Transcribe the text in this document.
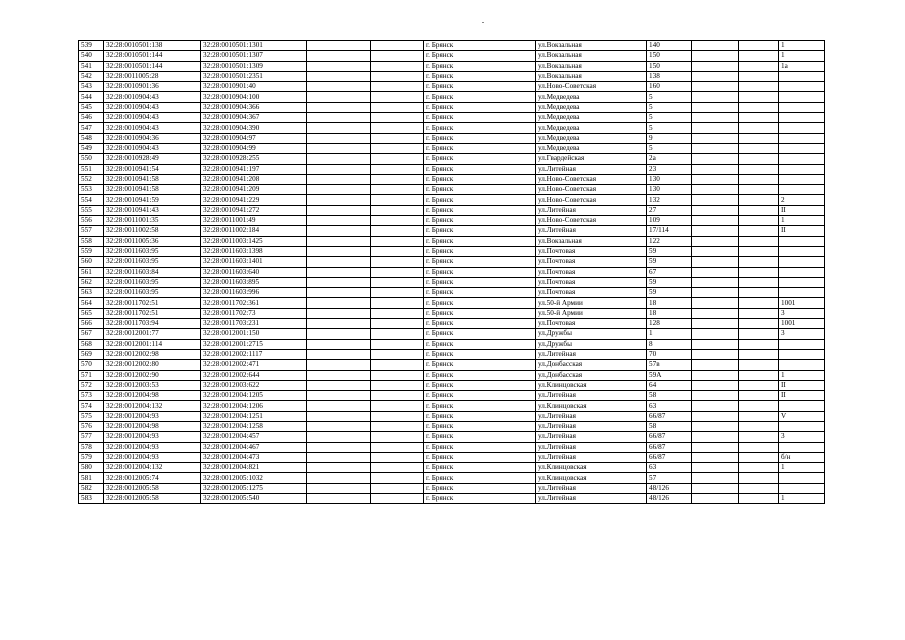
539	32:28:0010501:138	32:28:0010501:1301			г. Брянск	ул.Вокзальная	140			1
540	32:28:0010501:144	32:28:0010501:1307			г. Брянск	ул.Вокзальная	150			1
541	32:28:0010501:144	32:28:0010501:1309			г. Брянск	ул.Вокзальная	150			1а
542	32:28:0011005:28	32:28:0010501:2351			г. Брянск	ул.Вокзальная	138			
543	32:28:0010901:36	32:28:0010901:40			г. Брянск	ул.Ново-Советская	160			
544	32:28:0010904:43	32:28:0010904:100			г. Брянск	ул.Медведева	5			
545	32:28:0010904:43	32:28:0010904:366			г. Брянск	ул.Медведева	5			
546	32:28:0010904:43	32:28:0010904:367			г. Брянск	ул.Медведева	5			
547	32:28:0010904:43	32:28:0010904:390			г. Брянск	ул.Медведева	5			
548	32:28:0010904:36	32:28:0010904:97			г. Брянск	ул.Медведева	9			
549	32:28:0010904:43	32:28:0010904:99			г. Брянск	ул.Медведева	5			
550	32:28:0010928:49	32:28:0010928:255			г. Брянск	ул.Гвардейская	2а			
551	32:28:0010941:54	32:28:0010941:197			г. Брянск	ул.Литейная	23			
552	32:28:0010941:58	32:28:0010941:208			г. Брянск	ул.Ново-Советская	130			
553	32:28:0010941:58	32:28:0010941:209			г. Брянск	ул.Ново-Советская	130			
554	32:28:0010941:59	32:28:0010941:229			г. Брянск	ул.Ново-Советская	132			2
555	32:28:0010941:43	32:28:0010941:272			г. Брянск	ул.Литейная	27			II
556	32:28:0011001:35	32:28:0011001:49			г. Брянск	ул.Ново-Советская	109			1
557	32:28:0011002:58	32:28:0011002:184			г. Брянск	ул.Литейная	17/114			II
558	32:28:0011005:36	32:28:0011003:1425			г. Брянск	ул.Вокзальная	122			
559	32:28:0011603:95	32:28:0011603:1398			г. Брянск	ул.Почтовая	59			
560	32:28:0011603:95	32:28:0011603:1401			г. Брянск	ул.Почтовая	59			
561	32:28:0011603:84	32:28:0011603:640			г. Брянск	ул.Почтовая	67			
562	32:28:0011603:95	32:28:0011603:895			г. Брянск	ул.Почтовая	59			
563	32:28:0011603:95	32:28:0011603:996			г. Брянск	ул.Почтовая	59			
564	32:28:0011702:51	32:28:0011702:361			г. Брянск	ул.50-й Армии	18			1001
565	32:28:0011702:51	32:28:0011702:73			г. Брянск	ул.50-й Армии	18			3
566	32:28:0011703:94	32:28:0011703:231			г. Брянск	ул.Почтовая	128			1001
567	32:28:0012001:77	32:28:0012001:150			г. Брянск	ул.Дружбы	1			3
568	32:28:0012001:114	32:28:0012001:2715			г. Брянск	ул.Дружбы	8			
569	32:28:0012002:98	32:28:0012002:1117			г. Брянск	ул.Литейная	70			
570	32:28:0012002:80	32:28:0012002:471			г. Брянск	ул.Донбасская	57в			
571	32:28:0012002:90	32:28:0012002:644			г. Брянск	ул.Донбасская	59А			1
572	32:28:0012003:53	32:28:0012003:622			г. Брянск	ул.Клинцовская	64			II
573	32:28:0012004:98	32:28:0012004:1205			г. Брянск	ул.Литейная	58			II
574	32:28:0012004:132	32:28:0012004:1206			г. Брянск	ул.Клинцовская	63			
575	32:28:0012004:93	32:28:0012004:1251			г. Брянск	ул.Литейная	66/87			V
576	32:28:0012004:98	32:28:0012004:1258			г. Брянск	ул.Литейная	58			
577	32:28:0012004:93	32:28:0012004:457			г. Брянск	ул.Литейная	66/87			3
578	32:28:0012004:93	32:28:0012004:467			г. Брянск	ул.Литейная	66/87			
579	32:28:0012004:93	32:28:0012004:473			г. Брянск	ул.Литейная	66/87			б/н
580	32:28:0012004:132	32:28:0012004:821			г. Брянск	ул.Клинцовская	63			1
581	32:28:0012005:74	32:28:0012005:1032			г. Брянск	ул.Клинцовская	57			
582	32:28:0012005:58	32:28:0012005:1275			г. Брянск	ул.Литейная	48/126			
583	32:28:0012005:58	32:28:0012005:540			г. Брянск	ул.Литейная	48/126			1
